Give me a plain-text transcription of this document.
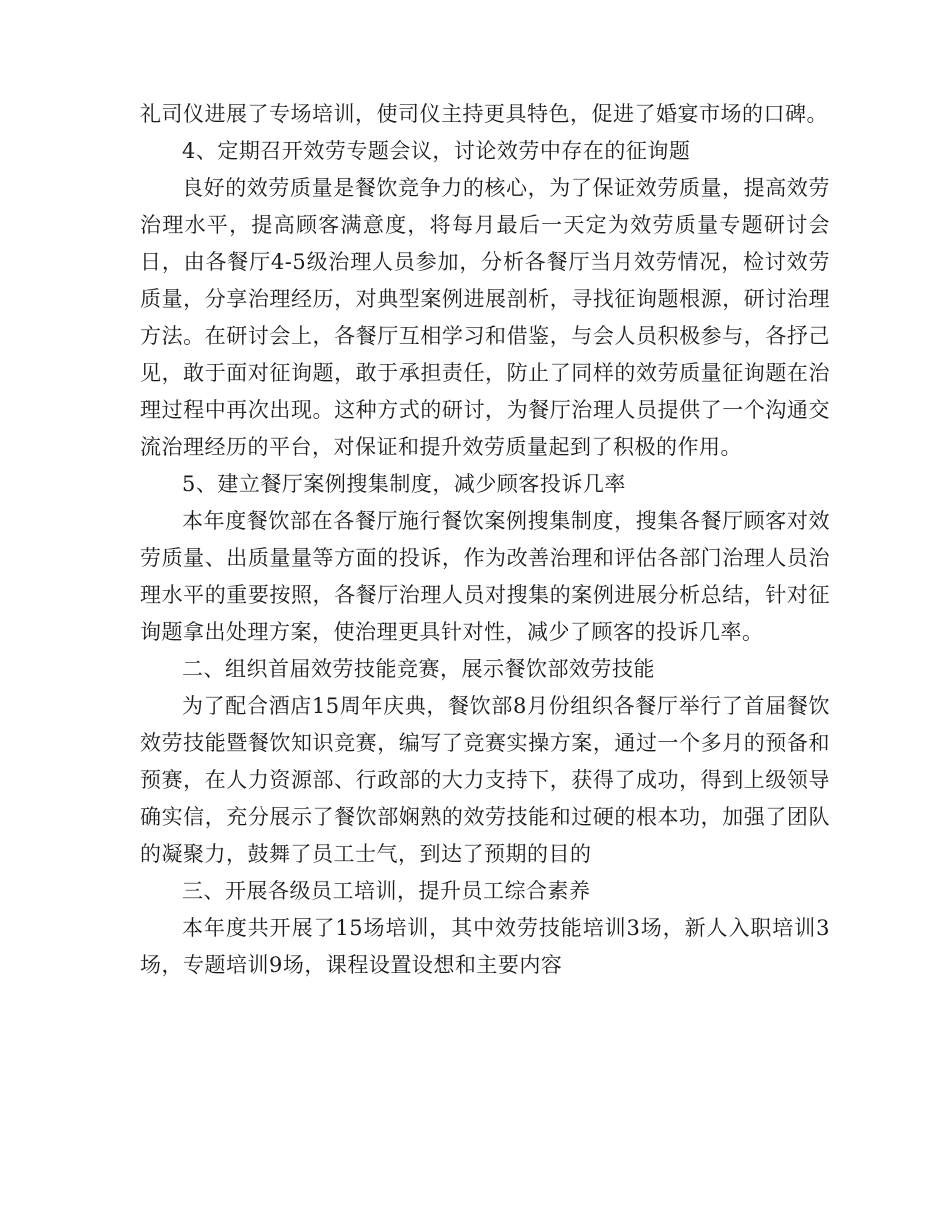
礼司仪进展了专场培训，使司仪主持更具特色，促进了婚宴市场的口碑。

4、定期召开效劳专题会议，讨论效劳中存在的征询题

良好的效劳质量是餐饮竞争力的核心，为了保证效劳质量，提高效劳治理水平，提高顾客满意度，将每月最后一天定为效劳质量专题研讨会日，由各餐厅4-5级治理人员参加，分析各餐厅当月效劳情况，检讨效劳质量，分享治理经历，对典型案例进展剖析，寻找征询题根源，研讨治理方法。在研讨会上，各餐厅互相学习和借鉴，与会人员积极参与，各抒己见，敢于面对征询题，敢于承担责任，防止了同样的效劳质量征询题在治理过程中再次出现。这种方式的研讨，为餐厅治理人员提供了一个沟通交流治理经历的平台，对保证和提升效劳质量起到了积极的作用。

5、建立餐厅案例搜集制度，减少顾客投诉几率

本年度餐饮部在各餐厅施行餐饮案例搜集制度，搜集各餐厅顾客对效劳质量、出质量量等方面的投诉，作为改善治理和评估各部门治理人员治理水平的重要按照，各餐厅治理人员对搜集的案例进展分析总结，针对征询题拿出处理方案，使治理更具针对性，减少了顾客的投诉几率。

二、组织首届效劳技能竞赛，展示餐饮部效劳技能

为了配合酒店15周年庆典，餐饮部8月份组织各餐厅举行了首届餐饮效劳技能暨餐饮知识竞赛，编写了竞赛实操方案，通过一个多月的预备和预赛，在人力资源部、行政部的大力支持下，获得了成功，得到上级领导确实信，充分展示了餐饮部娴熟的效劳技能和过硬的根本功，加强了团队的凝聚力，鼓舞了员工士气，到达了预期的目的

三、开展各级员工培训，提升员工综合素养

本年度共开展了15场培训，其中效劳技能培训3场，新人入职培训3场，专题培训9场，课程设置设想和主要内容
